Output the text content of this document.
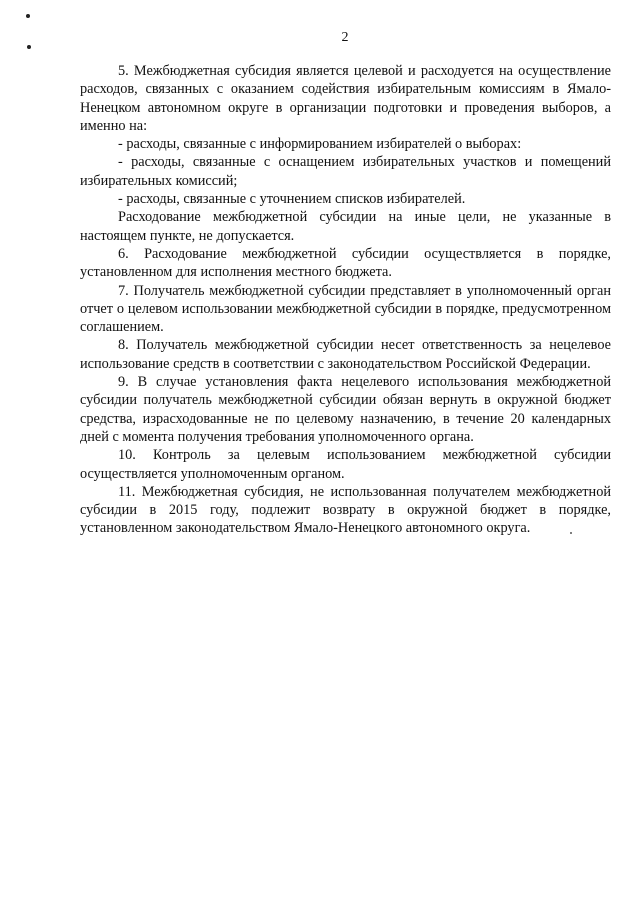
2

5. Межбюджетная субсидия является целевой и расходуется на осуществление расходов, связанных с оказанием содействия избирательным комиссиям в Ямало-Ненецком автономном округе в организации подготовки и проведения выборов, а именно на:

- расходы, связанные с информированием избирателей о выборах:

- расходы, связанные с оснащением избирательных участков и помещений избирательных комиссий;

- расходы, связанные с уточнением списков избирателей.

Расходование межбюджетной субсидии на иные цели, не указанные в настоящем пункте, не допускается.

6. Расходование межбюджетной субсидии осуществляется в порядке, установленном для исполнения местного бюджета.

7. Получатель межбюджетной субсидии представляет в уполномоченный орган отчет о целевом использовании межбюджетной субсидии в порядке, предусмотренном соглашением.

8. Получатель межбюджетной субсидии несет ответственность за нецелевое использование средств в соответствии с законодательством Российской Федерации.

9. В случае установления факта нецелевого использования межбюджетной субсидии получатель межбюджетной субсидии обязан вернуть в окружной бюджет средства, израсходованные не по целевому назначению, в течение 20 календарных дней с момента получения требования уполномоченного органа.

10. Контроль за целевым использованием межбюджетной субсидии осуществляется уполномоченным органом.

11. Межбюджетная субсидия, не использованная получателем межбюджетной субсидии в 2015 году, подлежит возврату в окружной бюджет в порядке, установленном законодательством Ямало-Ненецкого автономного округа.
